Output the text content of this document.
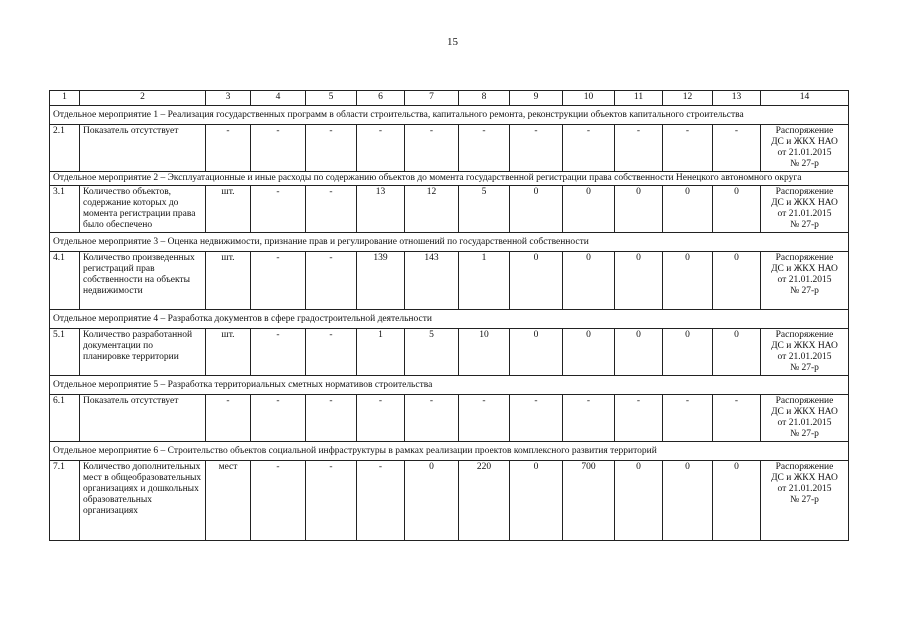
15
1	2	3	4	5	6	7	8	9	10	11	12	13	14
Отдельное мероприятие 1 – Реализация государственных программ в области строительства, капитального ремонта, реконструкции объектов капитального строительства													
2.1	Показатель отсутствует	-	-	-	-	-	-	-	-	-	-	-	Распоряжение
ДС и ЖКХ НАО
от 21.01.2015
№ 27-р

Отдельное мероприятие 2 – Эксплуатационные и иные расходы по содержанию объектов до момента государственной регистрации права собственности Ненецкого автономного округа													
3.1	Количество объектов, содержание которых до момента регистрации права было обеспечено	шт.	-	-	13	12	5	0	0	0	0	0	Распоряжение
ДС и ЖКХ НАО
от 21.01.2015
№ 27-р

Отдельное мероприятие 3 – Оценка недвижимости, признание прав и регулирование отношений по государственной собственности													
4.1	Количество произведенных регистраций прав собственности на объекты недвижимости	шт.	-	-	139	143	1	0	0	0	0	0	Распоряжение
ДС и ЖКХ НАО
от 21.01.2015
№ 27-р

Отдельное мероприятие 4 – Разработка документов в сфере градостроительной деятельности													
5.1	Количество разработанной документации по планировке территории	шт.	-	-	1	5	10	0	0	0	0	0	Распоряжение
ДС и ЖКХ НАО
от 21.01.2015
№ 27-р

Отдельное мероприятие 5 – Разработка территориальных сметных нормативов строительства													
6.1	Показатель отсутствует	-	-	-	-	-	-	-	-	-	-	-	Распоряжение
ДС и ЖКХ НАО
от 21.01.2015
№ 27-р

Отдельное мероприятие 6 – Строительство объектов социальной инфраструктуры в рамках реализации проектов комплексного развития территорий													
7.1	Количество дополнительных мест в общеобразовательных организациях и дошкольных образовательных организациях	мест	-	-	-	0	220	0	700	0	0	0	Распоряжение
ДС и ЖКХ НАО
от 21.01.2015
№ 27-р
